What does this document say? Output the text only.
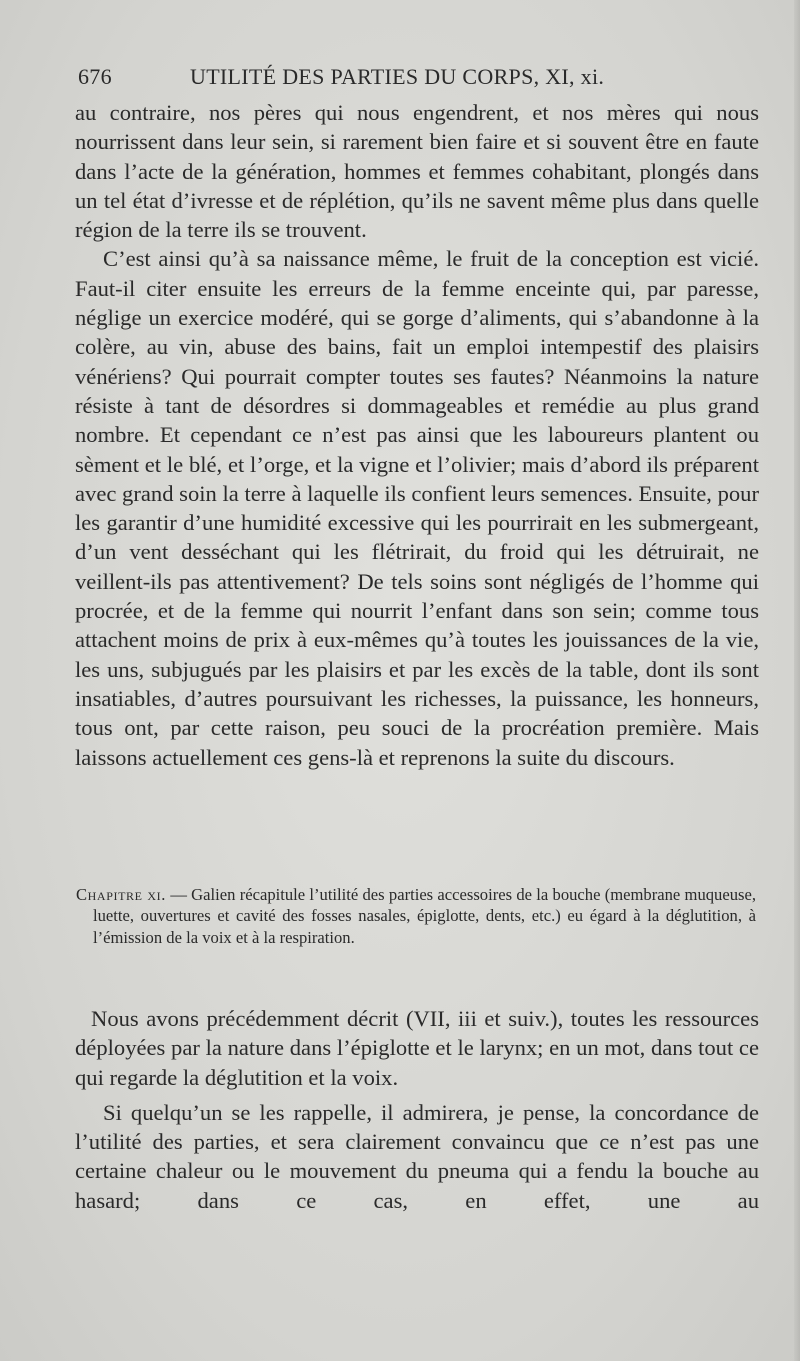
676	UTILITÉ DES PARTIES DU CORPS, XI, xi.

au contraire, nos pères qui nous engendrent, et nos mères qui nous nourrissent dans leur sein, si rarement bien faire et si souvent être en faute dans l’acte de la génération, hommes et femmes cohabitant, plongés dans un tel état d’ivresse et de réplétion, qu’ils ne savent même plus dans quelle région de la terre ils se trouvent.

C’est ainsi qu’à sa naissance même, le fruit de la conception est vicié. Faut-il citer ensuite les erreurs de la femme enceinte qui, par paresse, néglige un exercice modéré, qui se gorge d’aliments, qui s’abandonne à la colère, au vin, abuse des bains, fait un emploi intempestif des plaisirs vénériens? Qui pourrait compter toutes ses fautes? Néanmoins la nature résiste à tant de désordres si dommageables et remédie au plus grand nombre. Et cependant ce n’est pas ainsi que les laboureurs plantent ou sèment et le blé, et l’orge, et la vigne et l’olivier; mais d’abord ils préparent avec grand soin la terre à laquelle ils confient leurs semences. Ensuite, pour les garantir d’une humidité excessive qui les pourrirait en les submergeant, d’un vent desséchant qui les flétrirait, du froid qui les détruirait, ne veillent-ils pas attentivement? De tels soins sont négligés de l’homme qui procrée, et de la femme qui nourrit l’enfant dans son sein; comme tous attachent moins de prix à eux-mêmes qu’à toutes les jouissances de la vie, les uns, subjugués par les plaisirs et par les excès de la table, dont ils sont insatiables, d’autres poursuivant les richesses, la puissance, les honneurs, tous ont, par cette raison, peu souci de la procréation première. Mais laissons actuellement ces gens-là et reprenons la suite du discours.

Chapitre xi. — Galien récapitule l’utilité des parties accessoires de la bouche (membrane muqueuse, luette, ouvertures et cavité des fosses nasales, épiglotte, dents, etc.) eu égard à la déglutition, à l’émission de la voix et à la respiration.

Nous avons précédemment décrit (VII, iii et suiv.), toutes les ressources déployées par la nature dans l’épiglotte et le larynx; en un mot, dans tout ce qui regarde la déglutition et la voix.

Si quelqu’un se les rappelle, il admirera, je pense, la concordance de l’utilité des parties, et sera clairement convaincu que ce n’est pas une certaine chaleur ou le mouvement du pneuma qui a fendu la bouche au hasard; dans ce cas, en effet, une au
